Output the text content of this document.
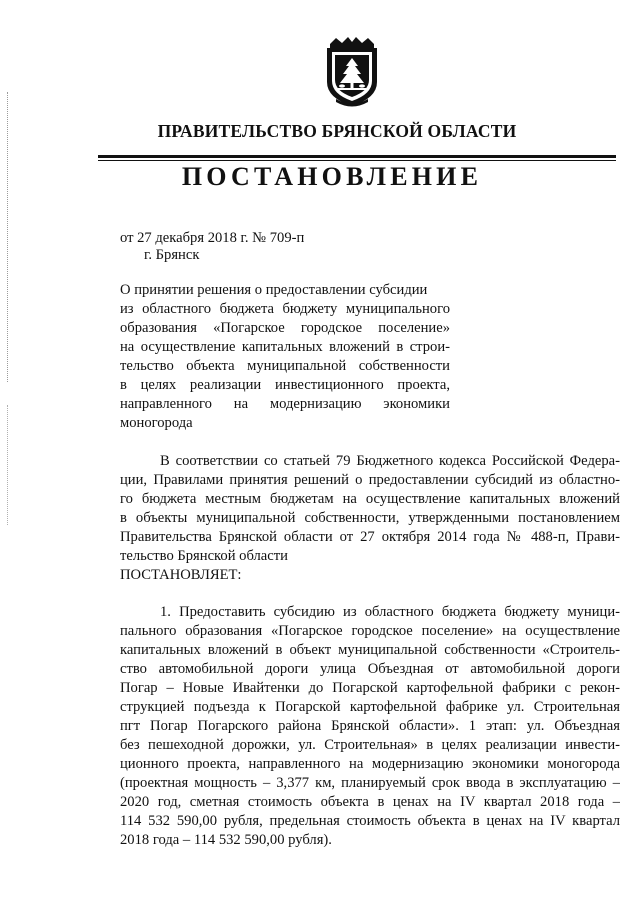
ПРАВИТЕЛЬСТВО БРЯНСКОЙ ОБЛАСТИ
ПОСТАНОВЛЕНИЕ
от 27 декабря 2018 г. № 709-п
г. Брянск
О принятии решения о предоставлении субсидии
из областного бюджета бюджету муниципального
образования «Погарское городское поселение»
на осуществление капитальных вложений в строи-
тельство объекта муниципальной собственности
в целях реализации инвестиционного проекта,
направленного на модернизацию экономики
моногорода
В соответствии со статьей 79 Бюджетного кодекса Российской Федера-
ции, Правилами принятия решений о предоставлении субсидий из областно-
го бюджета местным бюджетам на осуществление капитальных вложений
в объекты муниципальной собственности, утвержденными постановлением
Правительства Брянской области от 27 октября 2014 года № 488-п, Прави-
тельство Брянской области
ПОСТАНОВЛЯЕТ:
1. Предоставить субсидию из областного бюджета бюджету муници-
пального образования «Погарское городское поселение» на осуществление
капитальных вложений в объект муниципальной собственности «Строитель-
ство автомобильной дороги улица Объездная от автомобильной дороги
Погар – Новые Ивайтенки до Погарской картофельной фабрики с рекон-
струкцией подъезда к Погарской картофельной фабрике ул. Строительная
пгт Погар Погарского района Брянской области». 1 этап: ул. Объездная
без пешеходной дорожки, ул. Строительная» в целях реализации инвести-
ционного проекта, направленного на модернизацию экономики моногорода
(проектная мощность – 3,377 км, планируемый срок ввода в эксплуатацию –
2020 год, сметная стоимость объекта в ценах на IV квартал 2018 года –
114 532 590,00 рубля, предельная стоимость объекта в ценах на IV квартал
2018 года – 114 532 590,00 рубля).
